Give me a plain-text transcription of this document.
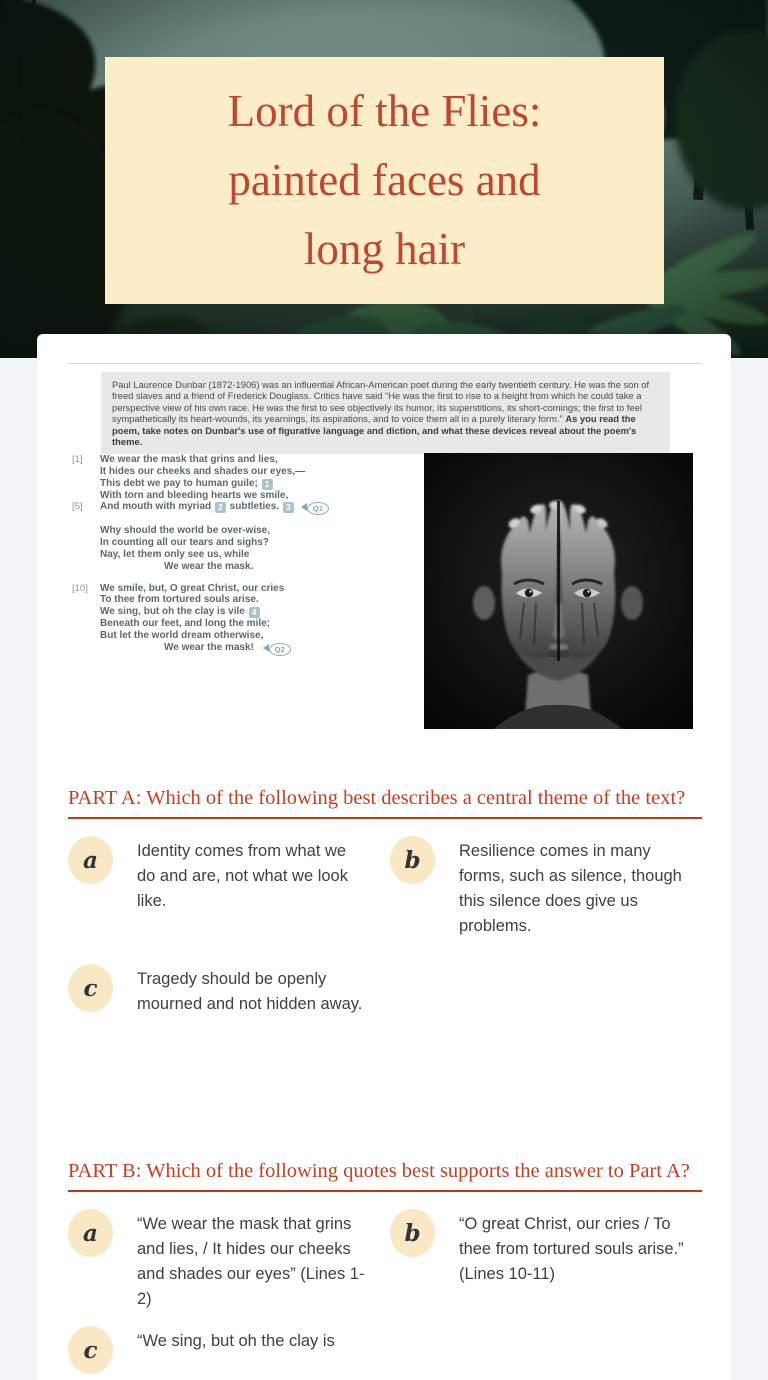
Lord of the Flies:
painted faces and
long hair
Paul Laurence Dunbar (1872-1906) was an influential African-American poet during the early twentieth century. He was the son of freed slaves and a friend of Frederick Douglass. Critics have said “He was the first to rise to a height from which he could take a perspective view of his own race. He was the first to see objectively its humor, its superstitions, its short-comings; the first to feel sympathetically its heart-wounds, its yearnings, its aspirations, and to voice them all in a purely literary form.” As you read the poem, take notes on Dunbar's use of figurative language and diction, and what these devices reveal about the poem's theme.
[1] We wear the mask that grins and lies,
It hides our cheeks and shades our eyes,—
This debt we pay to human guile; 1
With torn and bleeding hearts we smile,
[5] And mouth with myriad 2 subtleties. 3	Q1
Why should the world be over-wise,
In counting all our tears and sighs?
Nay, let them only see us, while
We wear the mask.
[10] We smile, but, O great Christ, our cries
To thee from tortured souls arise.
We sing, but oh the clay is vile 4
Beneath our feet, and long the mile;
But let the world dream otherwise,
We wear the mask! Q2
PART A: Which of the following best describes a central theme of the text?
a	Identity comes from what we do and are, not what we look like.
b	Resilience comes in many forms, such as silence, though this silence does give us problems.
c	Tragedy should be openly mourned and not hidden away.
PART B: Which of the following quotes best supports the answer to Part A?
a	“We wear the mask that grins and lies, / It hides our cheeks and shades our eyes” (Lines 1-2)
b	“O great Christ, our cries / To thee from tortured souls arise.” (Lines 10-11)
c	“We sing, but oh the clay is
